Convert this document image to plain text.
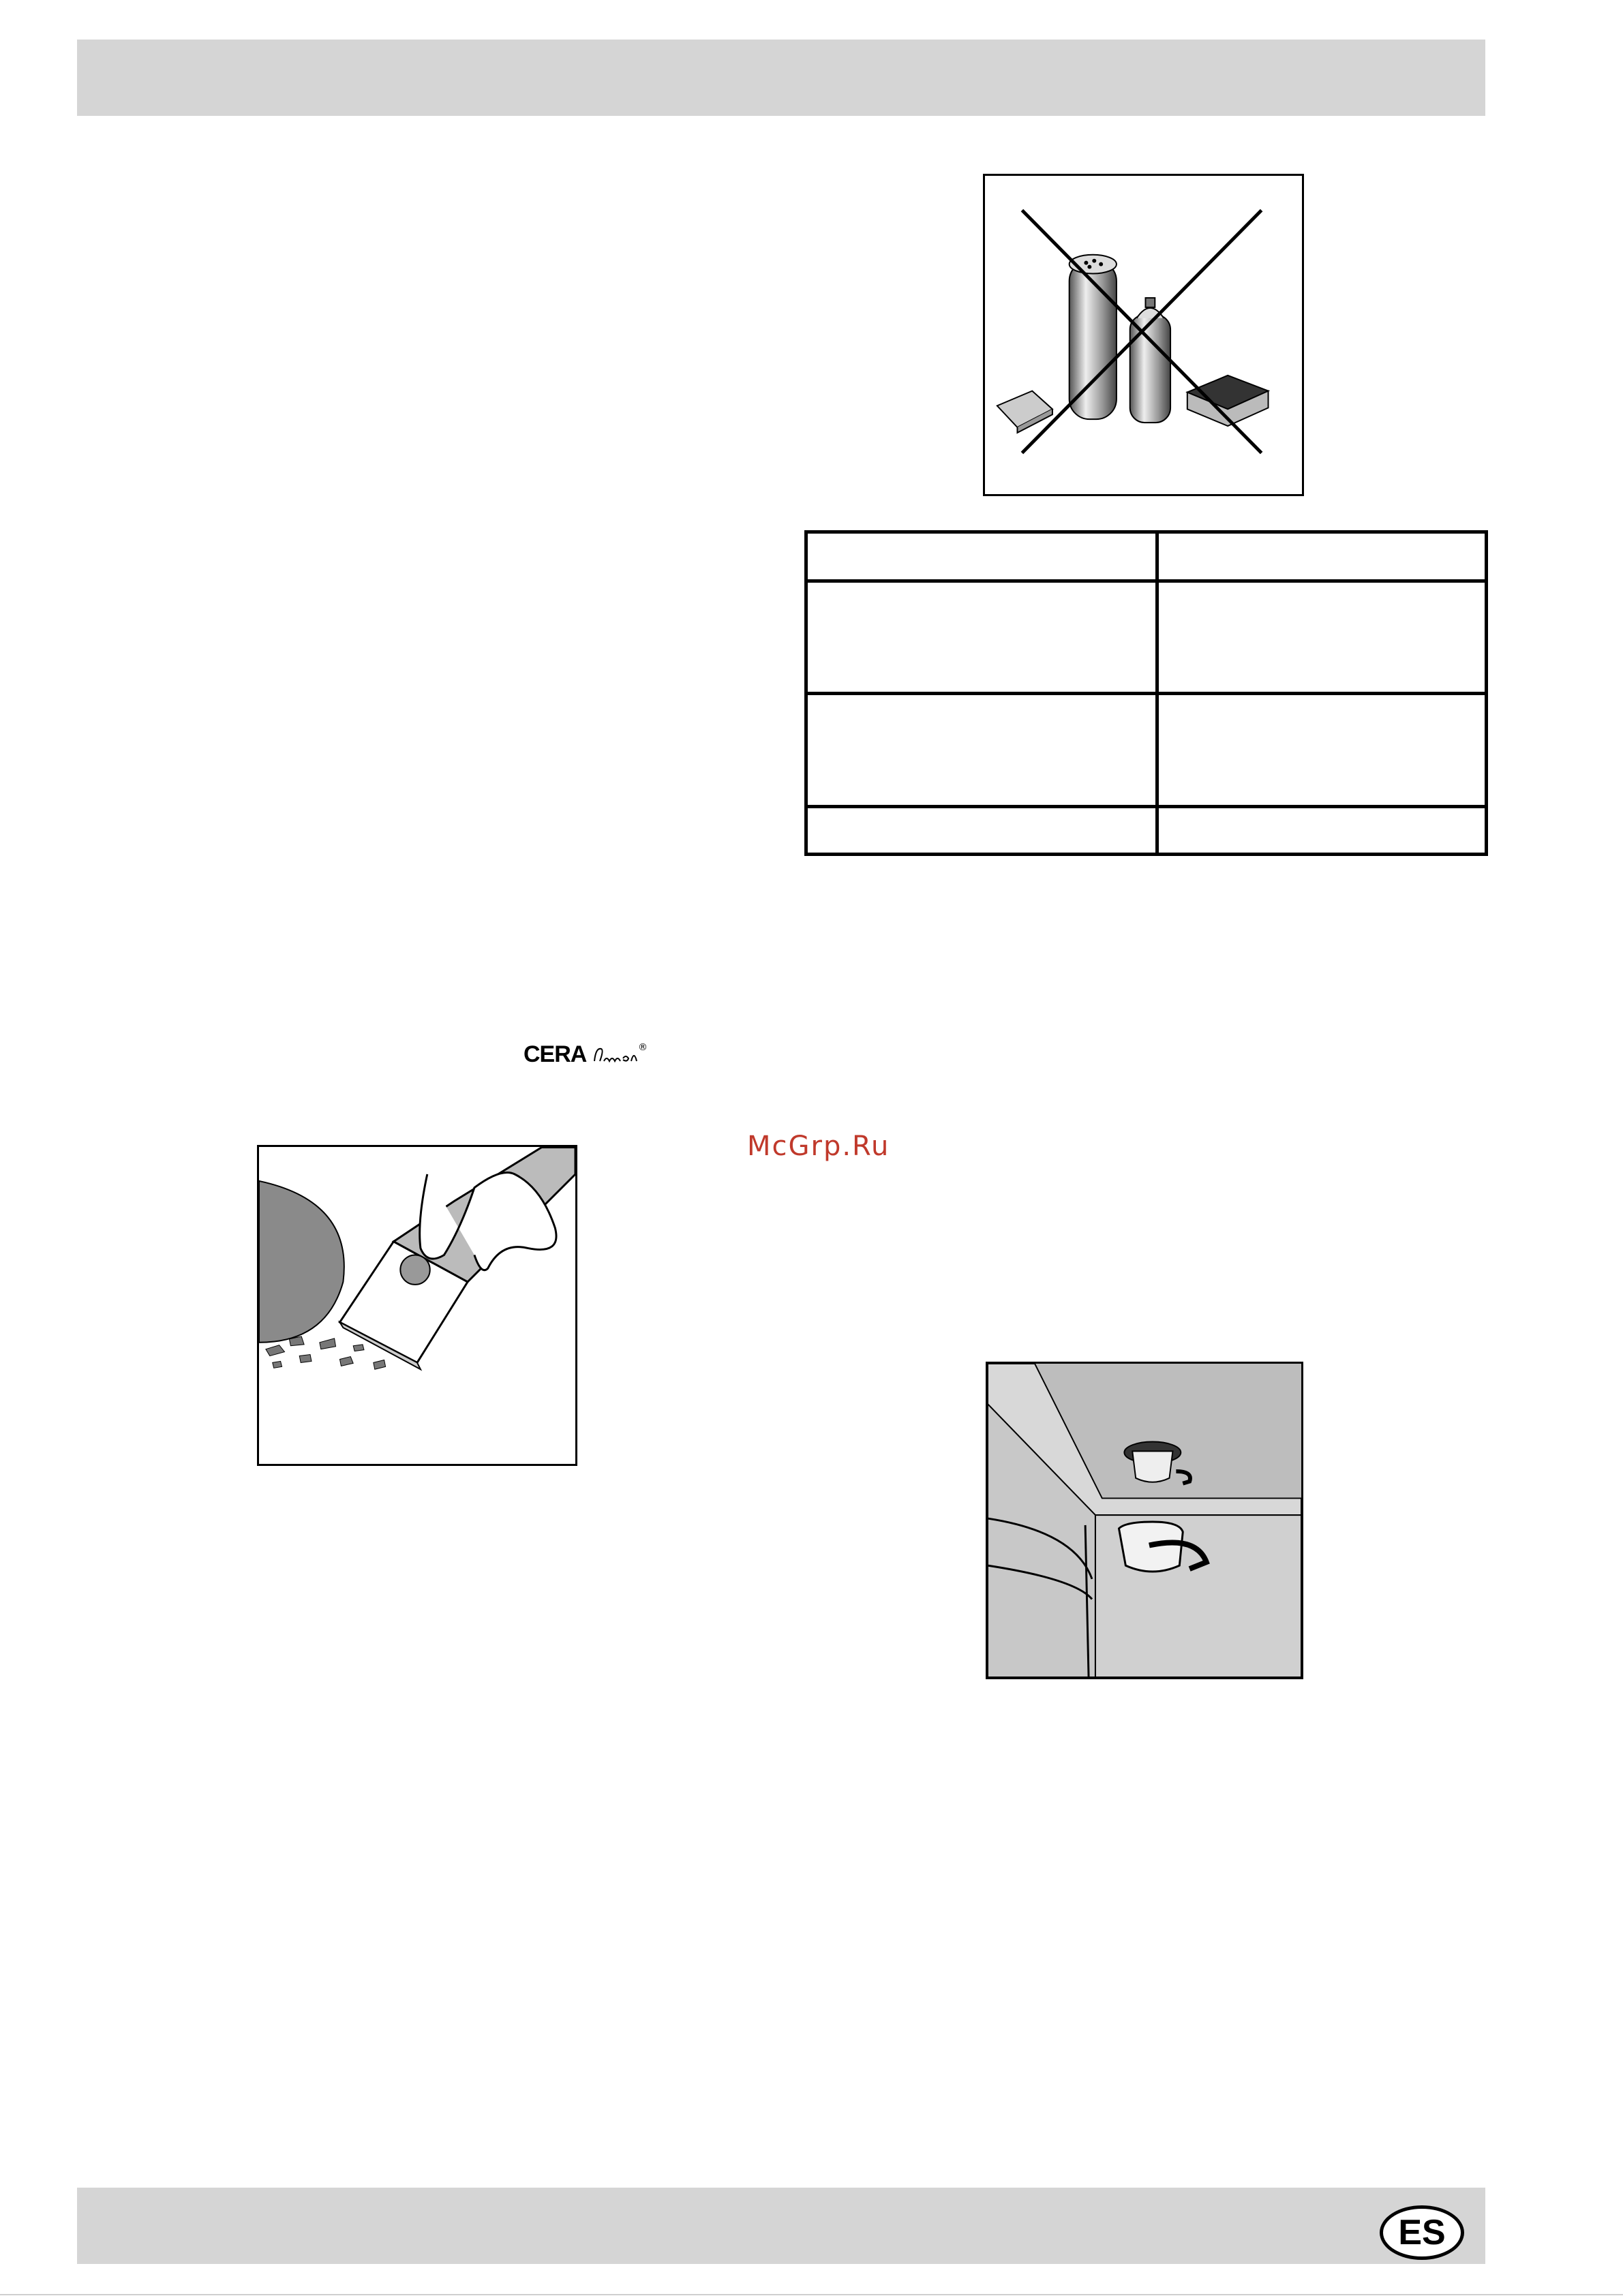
CERA	®
McGrp.Ru
ES
